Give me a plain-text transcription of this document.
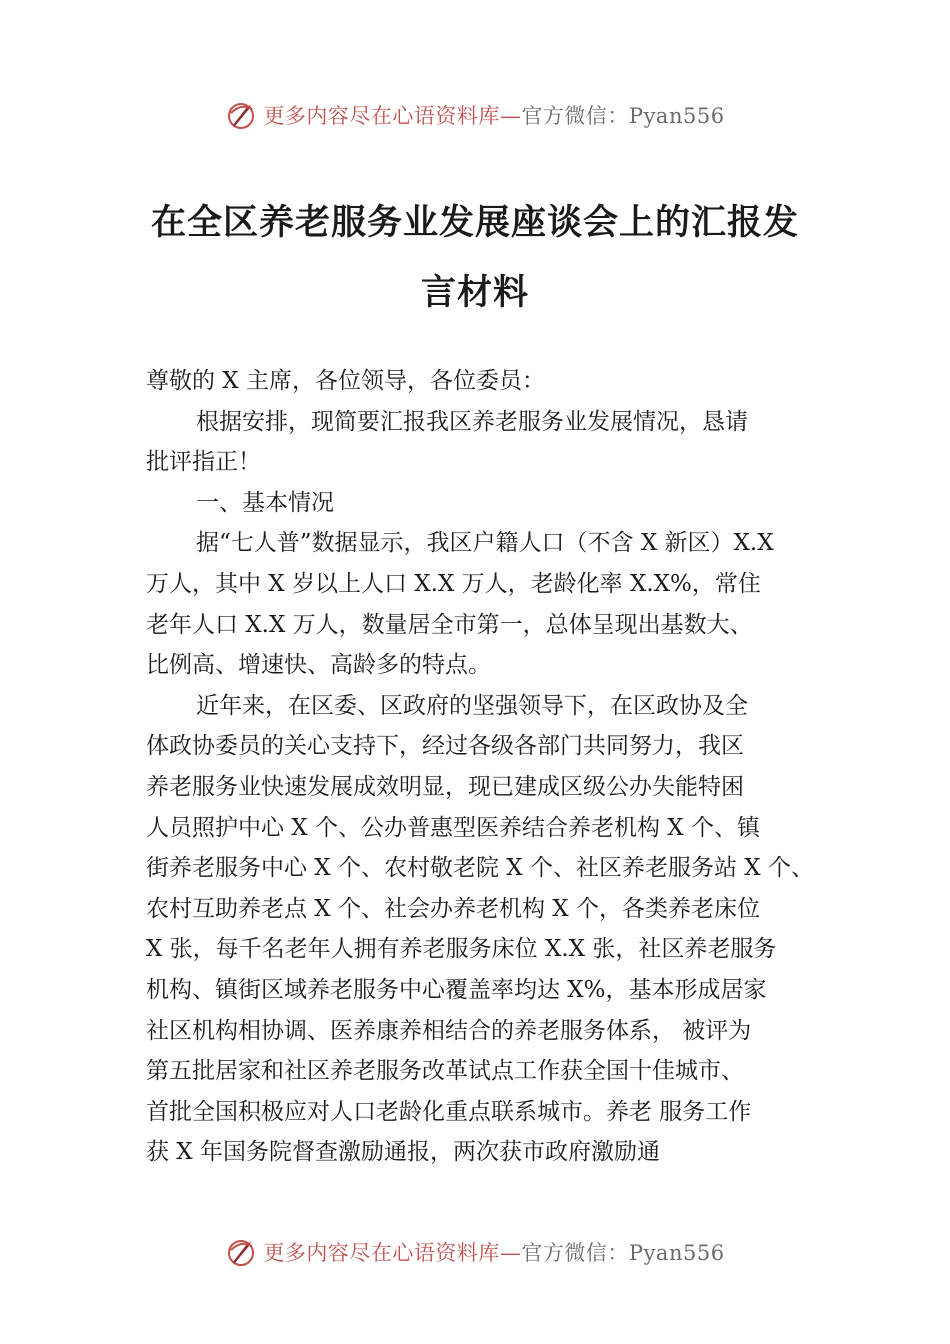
更多内容尽在心语资料库—官方微信：Pyan556
在全区养老服务业发展座谈会上的汇报发
言材料

尊敬的 X 主席，各位领导，各位委员：

根据安排，现简要汇报我区养老服务业发展情况，恳请
批评指正！

一、基本情况

据“七人普”数据显示，我区户籍人口（不含 X 新区）X.X
万人，其中 X 岁以上人口 X.X 万人，老龄化率 X.X%，常住
老年人口 X.X 万人，数量居全市第一，总体呈现出基数大、
比例高、增速快、高龄多的特点。

近年来，在区委、区政府的坚强领导下，在区政协及全
体政协委员的关心支持下，经过各级各部门共同努力，我区
养老服务业快速发展成效明显，现已建成区级公办失能特困
人员照护中心 X 个、公办普惠型医养结合养老机构 X 个、镇
街养老服务中心 X 个、农村敬老院 X 个、社区养老服务站 X 个、
农村互助养老点 X 个、社会办养老机构 X 个，各类养老床位
X 张，每千名老年人拥有养老服务床位 X.X 张，社区养老服务
机构、镇街区域养老服务中心覆盖率均达 X%，基本形成居家
社区机构相协调、医养康养相结合的养老服务体系， 被评为
第五批居家和社区养老服务改革试点工作获全国十佳城市、
首批全国积极应对人口老龄化重点联系城市。养老 服务工作
获 X 年国务院督查激励通报，两次获市政府激励通

更多内容尽在心语资料库—官方微信：Pyan556
